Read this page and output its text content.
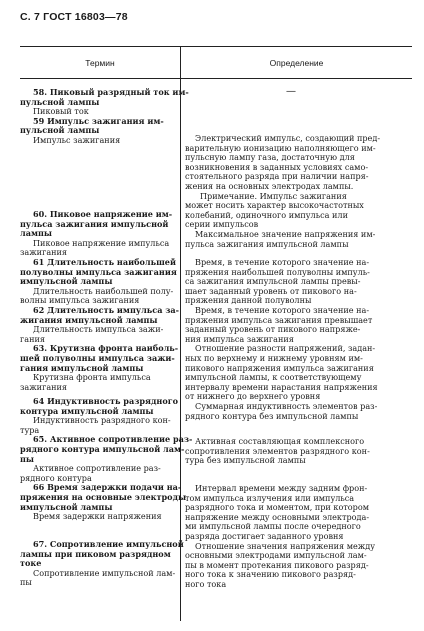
С. 7 ГОСТ 16803—78
Термин	Определение
58. Пиковый разрядный ток им-
пульсной лампы
Пиковый ток
59 Импульс зажигания им-
пульсной лампы
Импульс зажигания
60. Пиковое напряжение им-
пульса зажигания импульсной
лампы
Пиковое напряжение импульса
зажигания
61 Длительность наибольшей
полуволны импульса зажигания
импульсной лампы
Длительность наибольшей полу-
волны импульса зажигания
62 Длительность импульса за-
жигания импульсной лампы
Длительность импульса зажи-
гания
63. Крутизна фронта наиболь-
шей полуволны импульса зажи-
гания импульсной лампы
Крутизна фронта импульса
зажигания
64 Индуктивность разрядного
контура импульсной лампы
Индуктивность разрядного кон-
тура
65. Активное сопротивление раз-
рядного контура импульсной лам-
пы
Активное сопротивление раз-
рядного контура
66 Время задержки подачи на-
пряжения на основные электроды
импульсной лампы
Время задержки напряжения
67. Сопротивление импульсной
лампы при пиковом разрядном
токе
Сопротивление импульсной лам-
пы
—
Электрический импульс, создающий пред-
варительную ионизацию наполняющего им-
пульсную лампу газа, достаточную для
возникновения в заданных условиях само-
стоятельного разряда при наличии напря-
жения на основных электродах лампы.
Примечание. Импульс зажигания
может носить характер высокочастотных
колебаний, одиночного импульса или
серии импульсов
Максимальное значение напряжения им-
пульса зажигания импульсной лампы
Время, в течение которого значение на-
пряжения наибольшей полуволны импуль-
са зажигания импульсной лампы превы-
шает заданный уровень от пикового на-
пряжения данной полуволны
Время, в течение которого значение на-
пряжения импульса зажигания превышает
заданный уровень от пикового напряже-
ния импульса зажигания
Отношение разности напряжений, задан-
ных по верхнему и нижнему уровням им-
пикового напряжения импульса зажигания
импульсной лампы, к соответствующему
интервалу времени нарастания напряжения
от нижнего до верхнего уровня
Суммарная индуктивность элементов раз-
рядного контура без импульсной лампы
Активная составляющая комплексного
сопротивления элементов разрядного кон-
тура без импульсной лампы
Интервал времени между задним фрон-
том импульса излучения или импульса
разрядного тока и моментом, при котором
напряжение между основными электрода-
ми импульсной лампы после очередного
разряда достигает заданного уровня
Отношение значения напряжения между
основными электродами импульсной лам-
пы в момент протекания пикового разряд-
ного тока к значению пикового разряд-
ного тока
